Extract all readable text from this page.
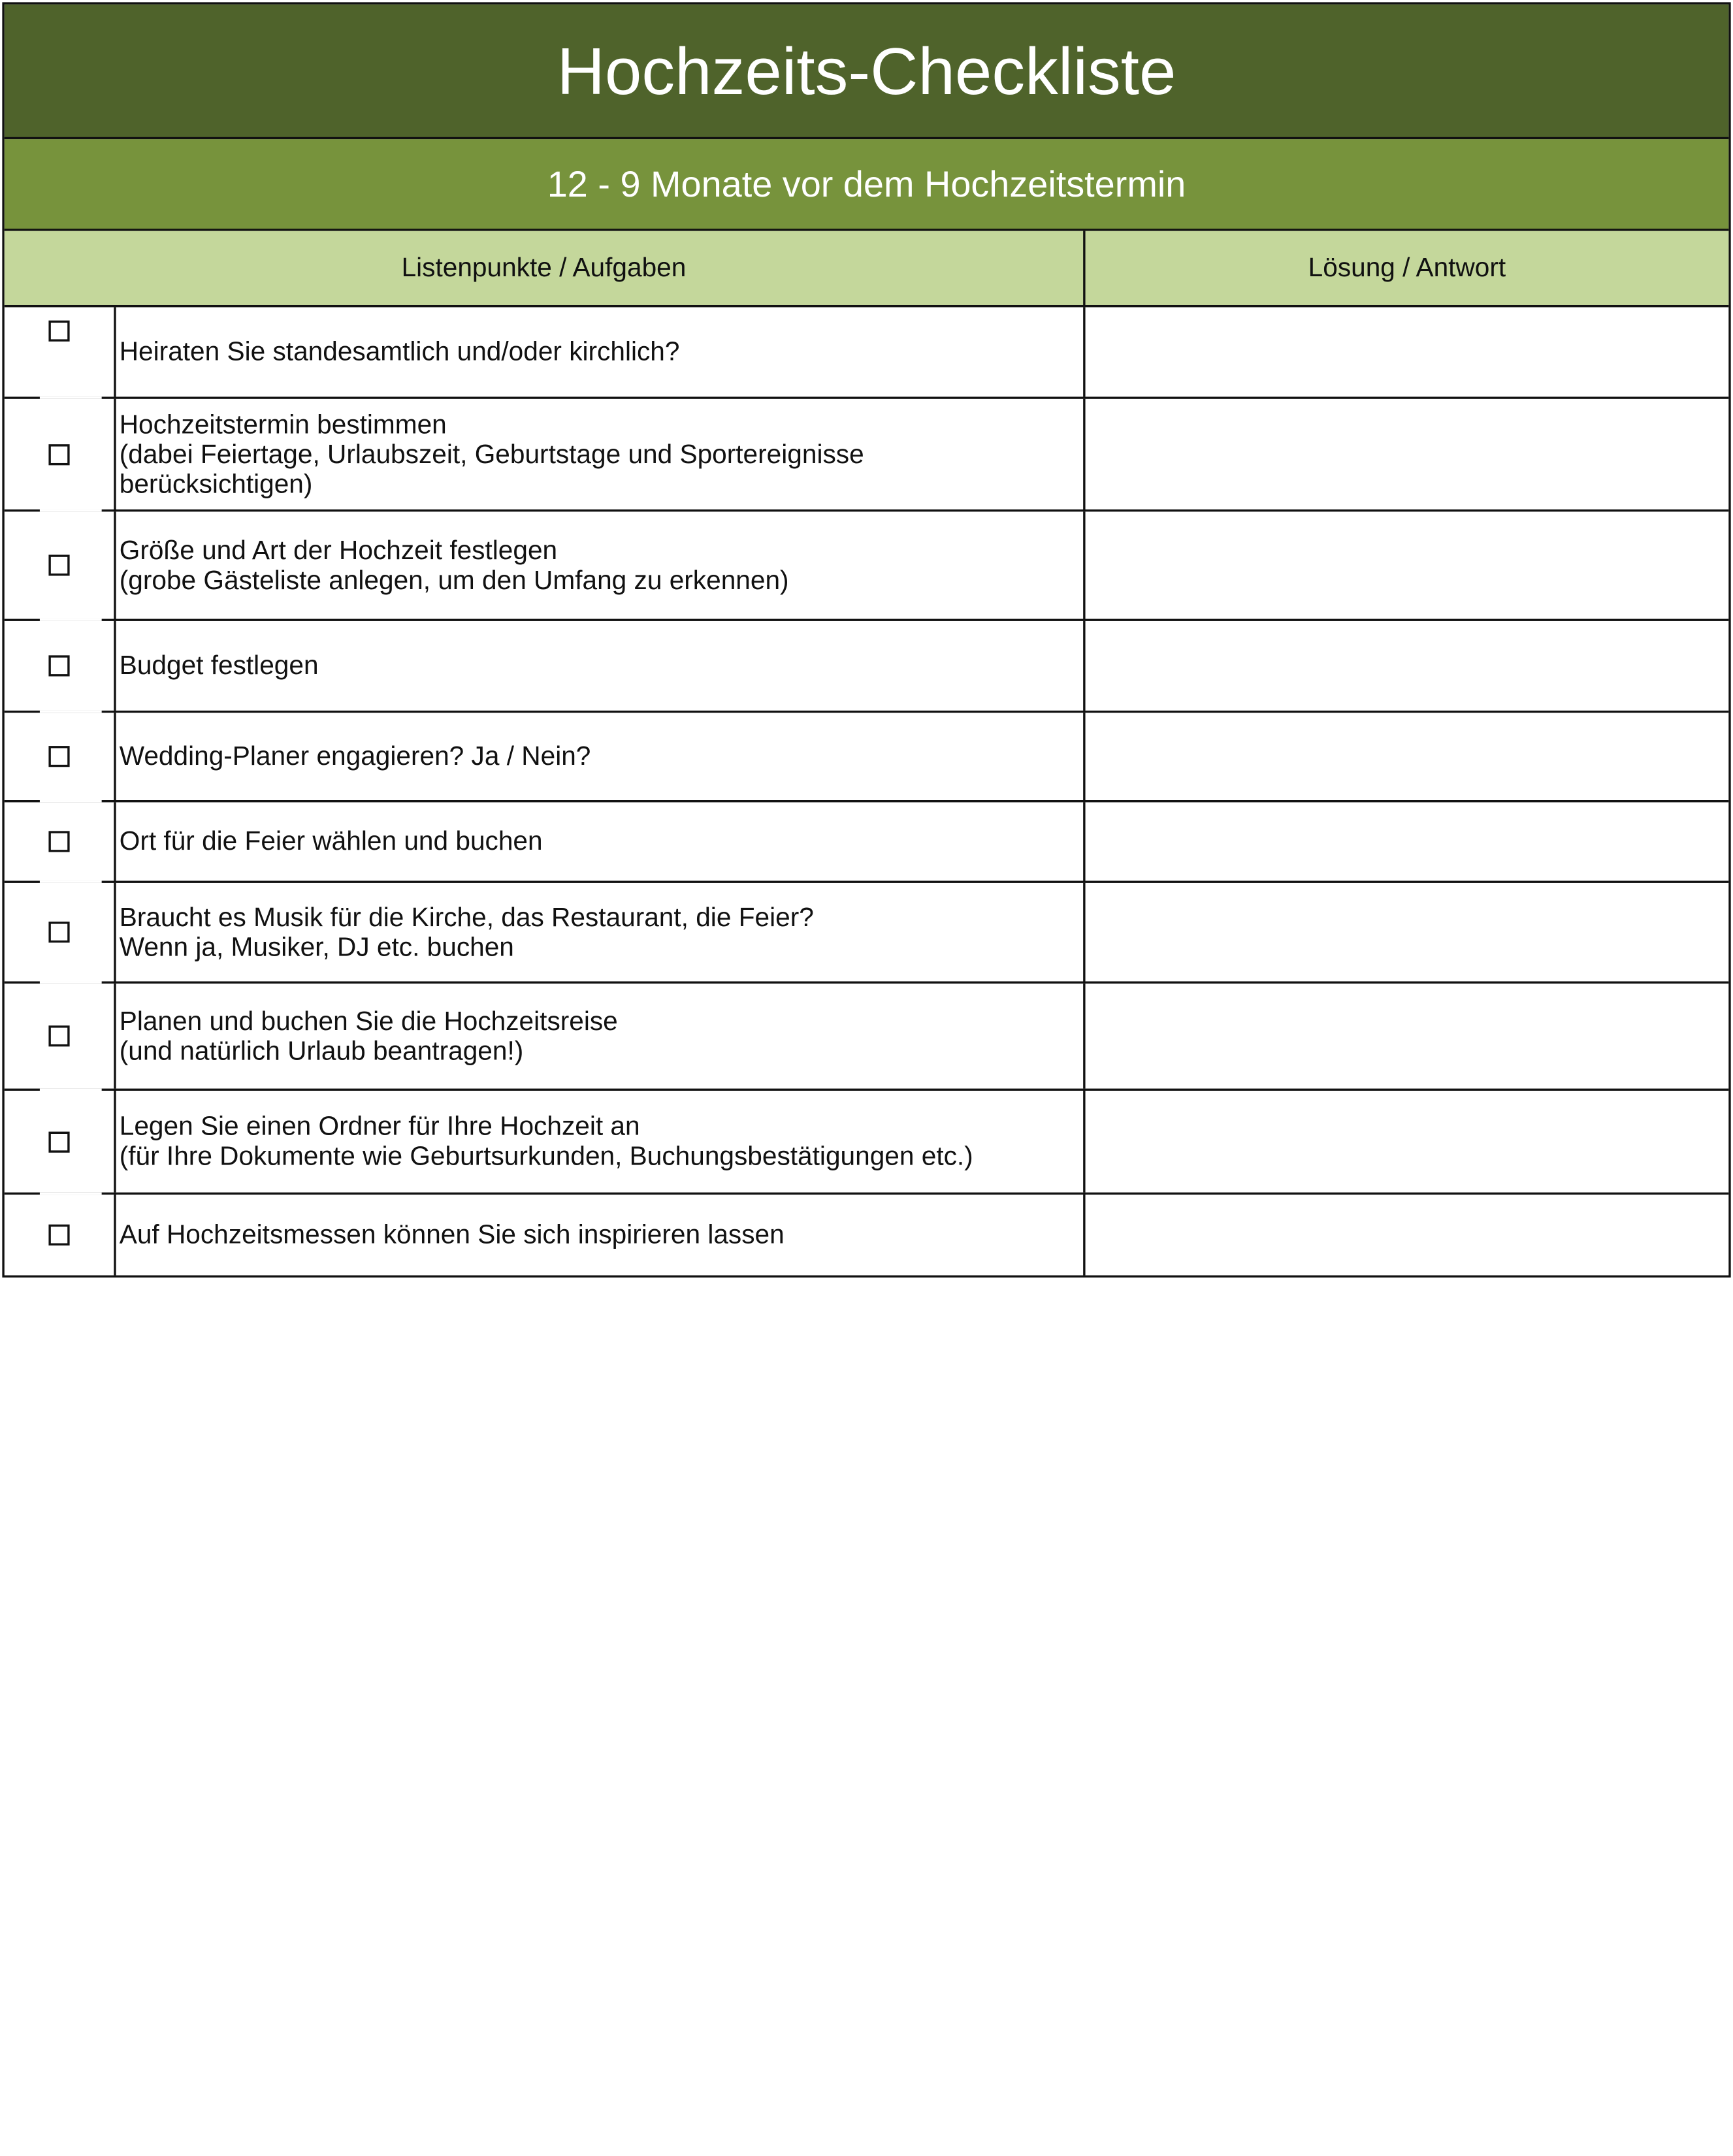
Hochzeits-Checkliste
12 - 9 Monate vor dem Hochzeitstermin
Listenpunkte / Aufgaben	Lösung / Antwort
Heiraten Sie standesamtlich und/oder kirchlich?
Hochzeitstermin bestimmen
(dabei Feiertage, Urlaubszeit, Geburtstage und Sportereignisse
berücksichtigen)
Größe und Art der Hochzeit festlegen
(grobe Gästeliste anlegen, um den Umfang zu erkennen)
Budget festlegen
Wedding-Planer engagieren? Ja / Nein?
Ort für die Feier wählen und buchen
Braucht es Musik für die Kirche, das Restaurant, die Feier?
Wenn ja, Musiker, DJ etc. buchen
Planen und buchen Sie die Hochzeitsreise
(und natürlich Urlaub beantragen!)
Legen Sie einen Ordner für Ihre Hochzeit an
(für Ihre Dokumente wie Geburtsurkunden, Buchungsbestätigungen etc.)
Auf Hochzeitsmessen können Sie sich inspirieren lassen
